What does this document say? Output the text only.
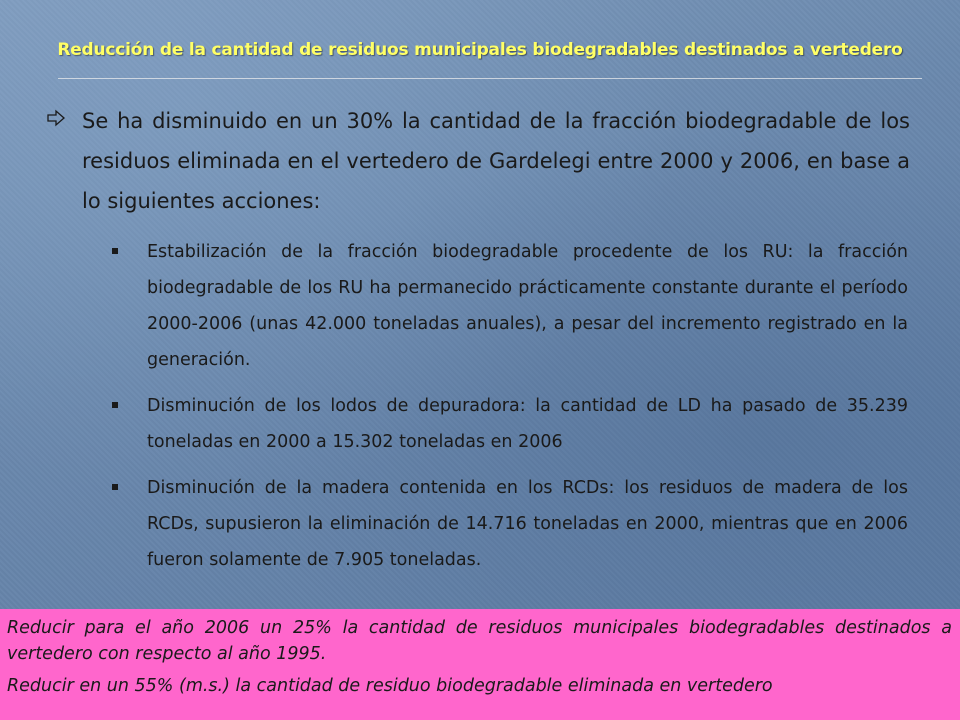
Reducción de la cantidad de residuos municipales biodegradables destinados a vertedero
Se ha disminuido en un 30% la cantidad de la fracción biodegradable de los residuos eliminada en el vertedero de Gardelegi entre 2000 y 2006, en base a lo siguientes acciones:
Estabilización de la fracción biodegradable procedente de los RU: la fracción biodegradable de los RU ha permanecido prácticamente constante durante el período 2000-2006 (unas 42.000 toneladas anuales), a pesar del incremento registrado en la generación.
Disminución de los lodos de depuradora: la cantidad de LD ha pasado de 35.239 toneladas en 2000 a 15.302 toneladas en 2006
Disminución de la madera contenida en los RCDs: los residuos de madera de los RCDs, supusieron la eliminación de 14.716 toneladas en 2000, mientras que en 2006 fueron solamente de 7.905 toneladas.

Reducir para el año 2006 un 25% la cantidad de residuos municipales biodegradables destinados a vertedero con respecto al año 1995.

Reducir en un 55% (m.s.) la cantidad de residuo biodegradable eliminada en vertedero
